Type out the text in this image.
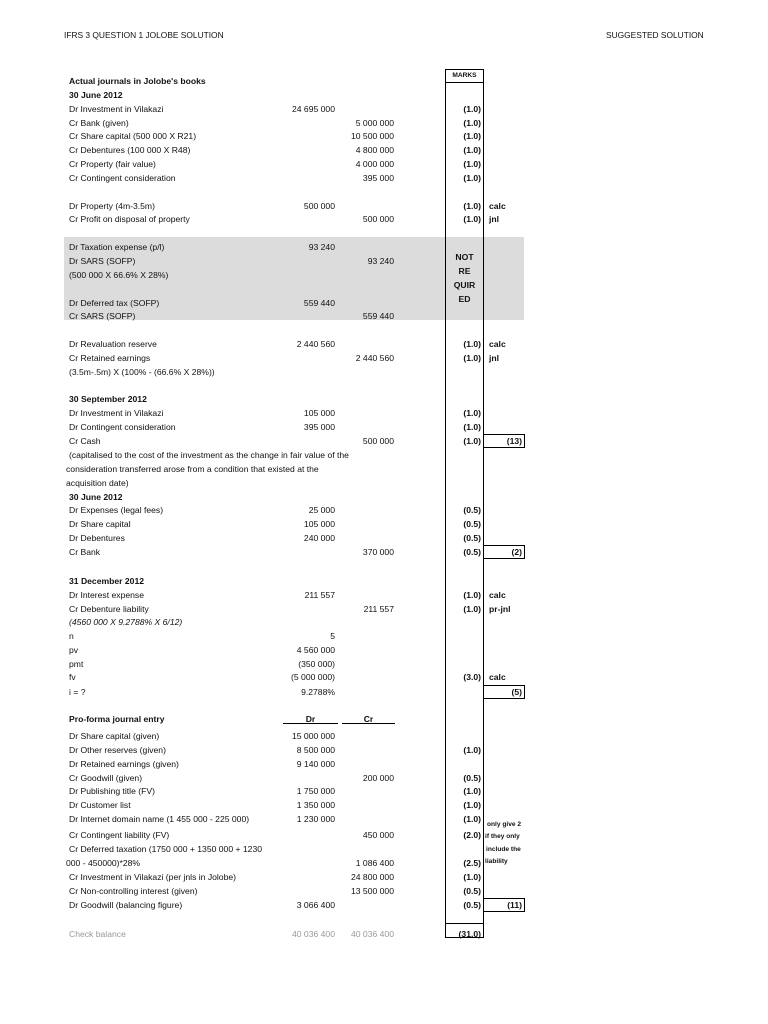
IFRS 3 QUESTION 1 JOLOBE SOLUTION	SUGGESTED SOLUTION
MARKS
NOT
RE
QUIR
ED
only give 2
if they only
include the
liability
Actual journals in Jolobe's books
30 June 2012
Dr Investment in Vilakazi	24 695 000	(1.0)
Cr Bank (given)	5 000 000	(1.0)
Cr Share capital (500 000 X R21)	10 500 000	(1.0)
Cr Debentures (100 000 X R48)	4 800 000	(1.0)
Cr Property (fair value)	4 000 000	(1.0)
Cr Contingent consideration	395 000	(1.0)
Dr Property (4m-3.5m)	500 000	(1.0) calc
Cr Profit on disposal of property	500 000	(1.0) jnl
Dr Taxation expense (p/l)	93 240
Dr SARS (SOFP)	93 240
(500 000 X 66.6% X 28%)
Dr Deferred tax (SOFP)	559 440
Cr SARS (SOFP)	559 440
Dr Revaluation reserve	2 440 560	(1.0) calc
Cr Retained earnings	2 440 560	(1.0) jnl
(3.5m-.5m) X (100% - (66.6% X 28%))
30 September 2012
Dr Investment in Vilakazi	105 000	(1.0)
Dr Contingent consideration	395 000	(1.0)
Cr Cash	500 000	(1.0)	(13)
(capitalised to the cost of the investment as the change in fair value of the
consideration transferred arose from a condition that existed at the
acquisition date)
30 June 2012
Dr Expenses (legal fees)	25 000	(0.5)
Dr Share capital	105 000	(0.5)
Dr Debentures	240 000	(0.5)
Cr Bank	370 000	(0.5)	(2)
31 December 2012
Dr Interest expense	211 557	(1.0) calc
Cr Debenture liability	211 557	(1.0) pr-jnl
(4560 000 X 9.2788% X 6/12)
n	5
pv	4 560 000
pmt	(350 000)
fv	(5 000 000)	(3.0) calc
i = ?	9.2788%	(5)
Pro-forma journal entry	Dr	Cr
Dr Share capital (given)	15 000 000
Dr Other reserves (given)	8 500 000	(1.0)
Dr Retained earnings (given)	9 140 000
Cr Goodwill (given)	200 000	(0.5)
Dr Publishing title (FV)	1 750 000	(1.0)
Dr Customer list	1 350 000	(1.0)
Dr Internet domain name (1 455 000 - 225 000)	1 230 000	(1.0)
Cr Contingent liability (FV)	450 000	(2.0)
Cr Deferred taxation (1750 000 + 1350 000 + 1230
000 - 450000)*28%	1 086 400	(2.5)
Cr Investment in Vilakazi (per jnls in Jolobe)	24 800 000	(1.0)
Cr Non-controlling interest (given)	13 500 000	(0.5)
Dr Goodwill (balancing figure)	3 066 400	(0.5)	(11)
Check balance	40 036 400	40 036 400	(31.0)
